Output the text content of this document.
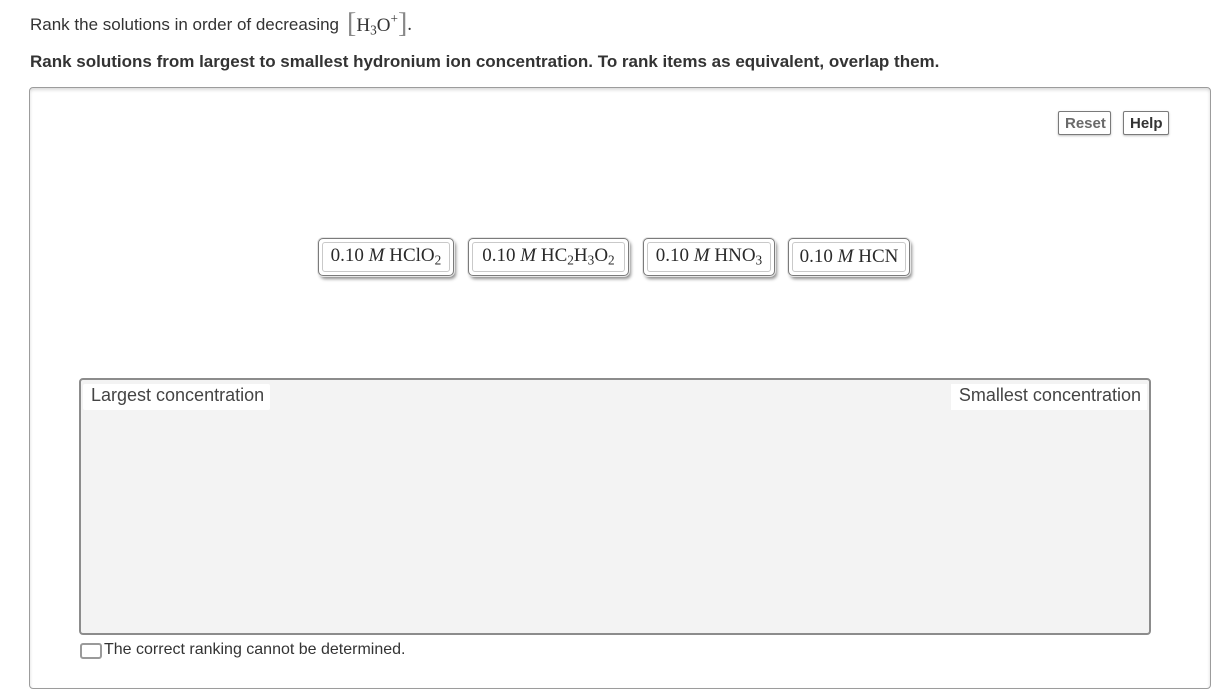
Rank the solutions in order of decreasing [ $H_3O^+$ ] .
Rank solutions from largest to smallest hydronium ion concentration. To rank items as equivalent, overlap them.
Reset	Help
0.10 M HClO$_2$ 0.10 M $HC_2H_3O_2$ 0.10 M $HNO_3$ 0.10 M HCN
Largest concentration	Smallest concentration
